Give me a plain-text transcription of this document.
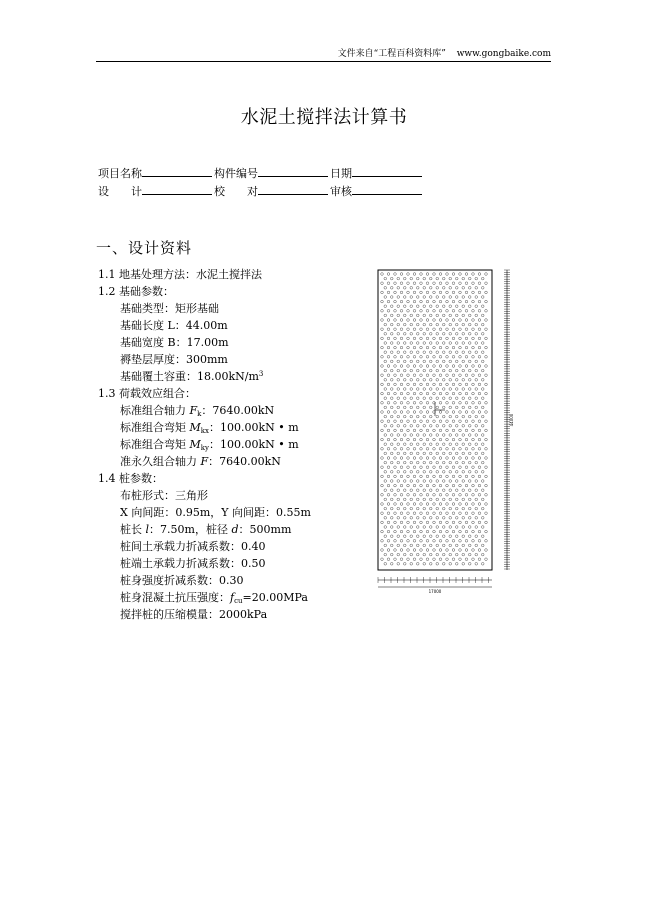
文件来自“工程百科资料库” www.gongbaike.com
水泥土搅拌法计算书
项目名称	构件编号	日期
设　　计	校　　对	审核
一、设计资料
1.1 地基处理方法：水泥土搅拌法
1.2 基础参数：
基础类型：矩形基础
基础长度 L：44.00m
基础宽度 B：17.00m
褥垫层厚度：300mm
基础覆土容重：$18.00kN/m^3$
1.3 荷载效应组合：
标准组合轴力 $F_k$：7640.00kN
标准组合弯矩 $M_{kx}$：100.00kN • m
标准组合弯矩 $M_{ky}$：100.00kN • m
准永久组合轴力 F：7640.00kN
1.4 桩参数：
布桩形式：三角形
X 向间距：0.95m，Y 向间距：0.55m
桩长 l：7.50m，桩径 d：500mm
桩间土承载力折减系数：0.40
桩端土承载力折减系数：0.50
桩身强度折减系数：0.30
桩身混凝土抗压强度：$f_{cu}=20.00MPa$
搅拌桩的压缩模量：2000kPa
44000
17000
